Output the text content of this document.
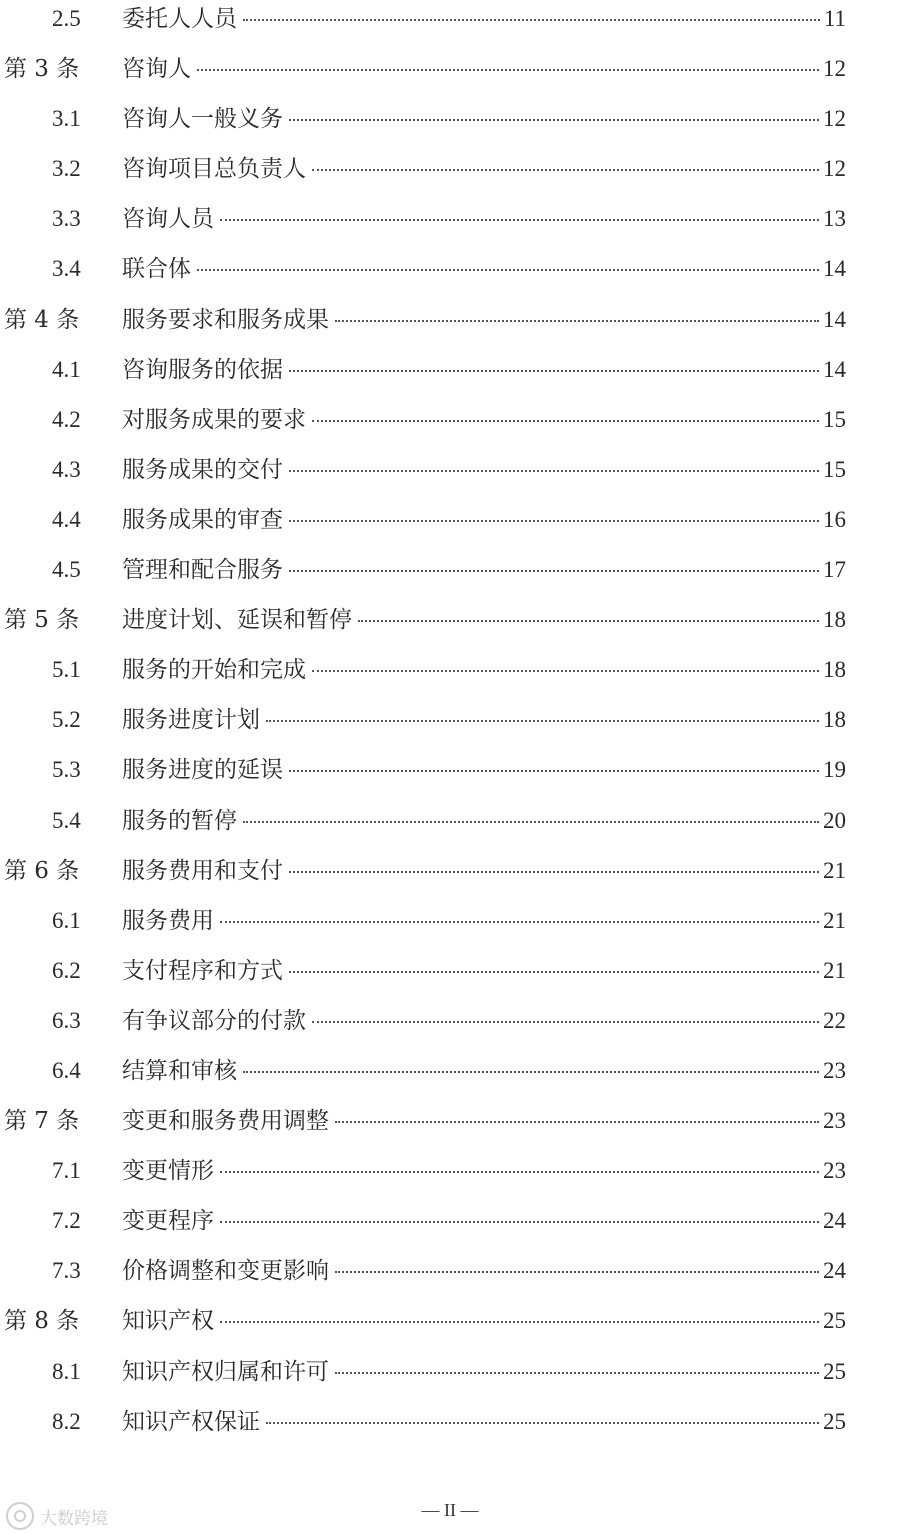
2.5 委托人人员	11
第 3 条 咨询人	12
3.1 咨询人一般义务	12
3.2 咨询项目总负责人	12
3.3 咨询人员	13
3.4 联合体	14
第 4 条 服务要求和服务成果	14
4.1 咨询服务的依据	14
4.2 对服务成果的要求	15
4.3 服务成果的交付	15
4.4 服务成果的审查	16
4.5 管理和配合服务	17
第 5 条 进度计划、延误和暂停	18
5.1 服务的开始和完成	18
5.2 服务进度计划	18
5.3 服务进度的延误	19
5.4 服务的暂停	20
第 6 条 服务费用和支付	21
6.1 服务费用	21
6.2 支付程序和方式	21
6.3 有争议部分的付款	22
6.4 结算和审核	23
第 7 条 变更和服务费用调整	23
7.1 变更情形	23
7.2 变更程序	24
7.3 价格调整和变更影响	24
第 8 条 知识产权	25
8.1 知识产权归属和许可	25
8.2 知识产权保证	25
— II —
大数跨境
